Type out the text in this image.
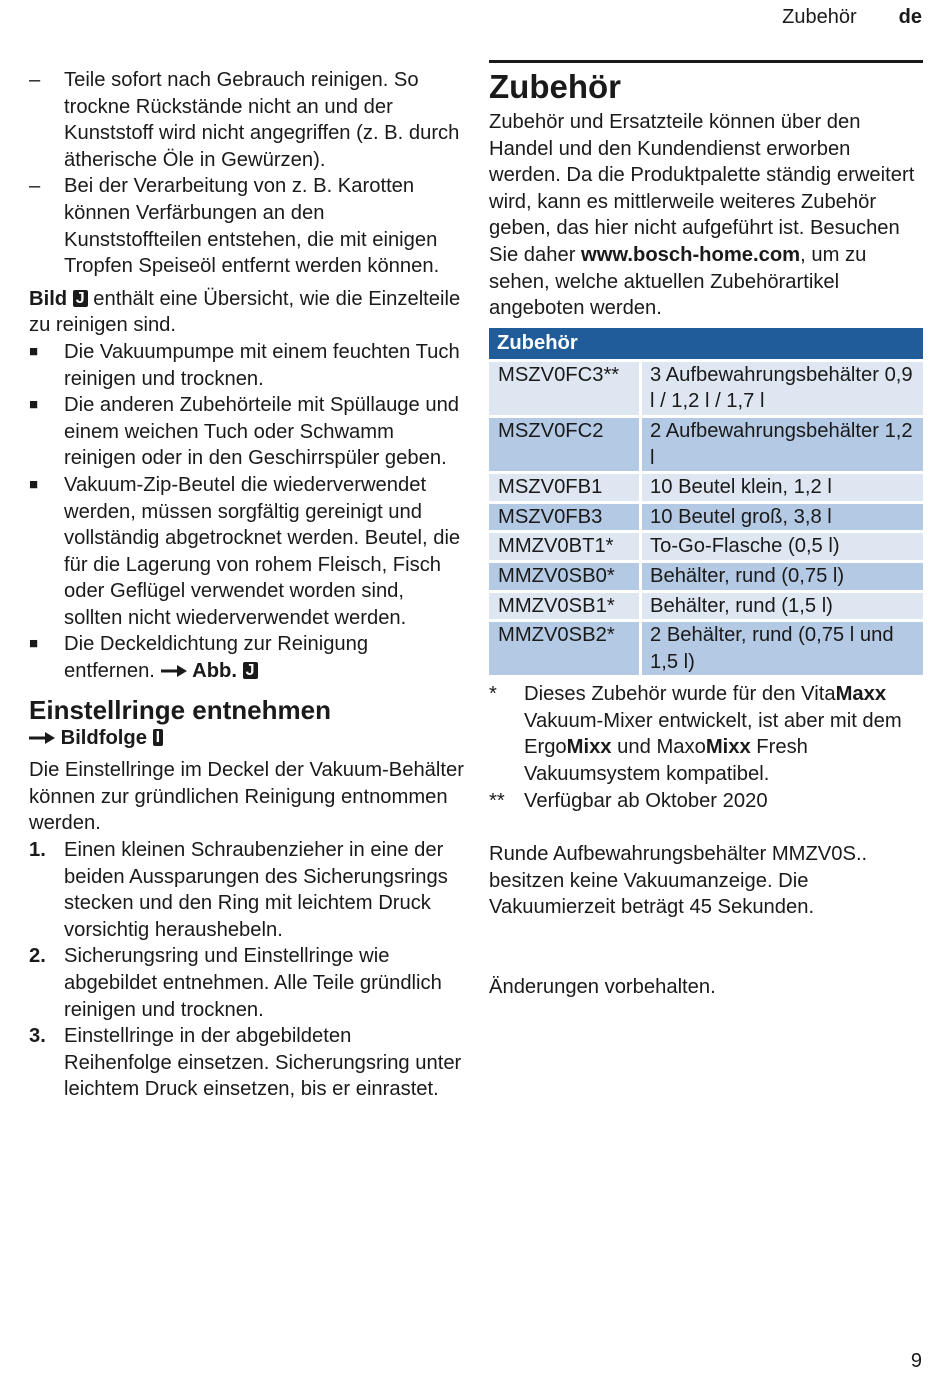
Zubehör de
–	Teile sofort nach Gebrauch reinigen. So trockne Rückstände nicht an und der Kunststoff wird nicht angegriffen (z. B. durch ätherische Öle in Gewürzen).
–	Bei der Verarbeitung von z. B. Karotten können Verfärbungen an den Kunststoffteilen entstehen, die mit einigen Tropfen Speiseöl entfernt werden können.
Bild J enthält eine Übersicht, wie die Einzelteile zu reinigen sind.
■	Die Vakuumpumpe mit einem feuchten Tuch reinigen und trocknen.
■	Die anderen Zubehörteile mit Spüllauge und einem weichen Tuch oder Schwamm reinigen oder in den Geschirrspüler geben.
■	Vakuum-Zip-Beutel die wiederverwendet werden, müssen sorgfältig gereinigt und vollständig abgetrocknet werden. Beutel, die für die Lagerung von rohem Fleisch, Fisch oder Geflügel verwendet worden sind, sollten nicht wiederverwendet werden.
■	Die Deckeldichtung zur Reinigung entfernen. Abb. J
Einstellringe entnehmen
Bildfolge I
Die Einstellringe im Deckel der Vakuum-Behälter können zur gründlichen Reinigung entnommen werden.
1. Einen kleinen Schraubenzieher in eine der beiden Aussparungen des Sicherungsrings stecken und den Ring mit leichtem Druck vorsichtig heraushebeln.
2. Sicherungsring und Einstellringe wie abgebildet entnehmen. Alle Teile gründlich reinigen und trocknen.
3. Einstellringe in der abgebildeten Reihenfolge einsetzen. Sicherungsring unter leichtem Druck einsetzen, bis er einrastet.
Zubehör
Zubehör und Ersatzteile können über den Handel und den Kundendienst erworben werden. Da die Produktpalette ständig erweitert wird, kann es mittlerweile weiteres Zubehör geben, das hier nicht aufgeführt ist. Besuchen Sie daher www.bosch-home.com, um zu sehen, welche aktuellen Zubehörartikel angeboten werden.
Zubehör
MSZV0FC3**	3 Aufbewahrungsbehälter 0,9 l / 1,2 l / 1,7 l
MSZV0FC2	2 Aufbewahrungsbehälter 1,2 l
MSZV0FB1	10 Beutel klein, 1,2 l
MSZV0FB3	10 Beutel groß, 3,8 l
MMZV0BT1*	To-Go-Flasche (0,5 l)
MMZV0SB0*	Behälter, rund (0,75 l)
MMZV0SB1*	Behälter, rund (1,5 l)
MMZV0SB2*	2 Behälter, rund (0,75 l und 1,5 l)
*	Dieses Zubehör wurde für den VitaMaxx Vakuum-Mixer entwickelt, ist aber mit dem ErgoMixx und MaxoMixx Fresh Vakuumsystem kompatibel.
** Verfügbar ab Oktober 2020
Runde Aufbewahrungsbehälter MMZV0S.. besitzen keine Vakuumanzeige. Die Vakuumierzeit beträgt 45 Sekunden.
Änderungen vorbehalten.
9
